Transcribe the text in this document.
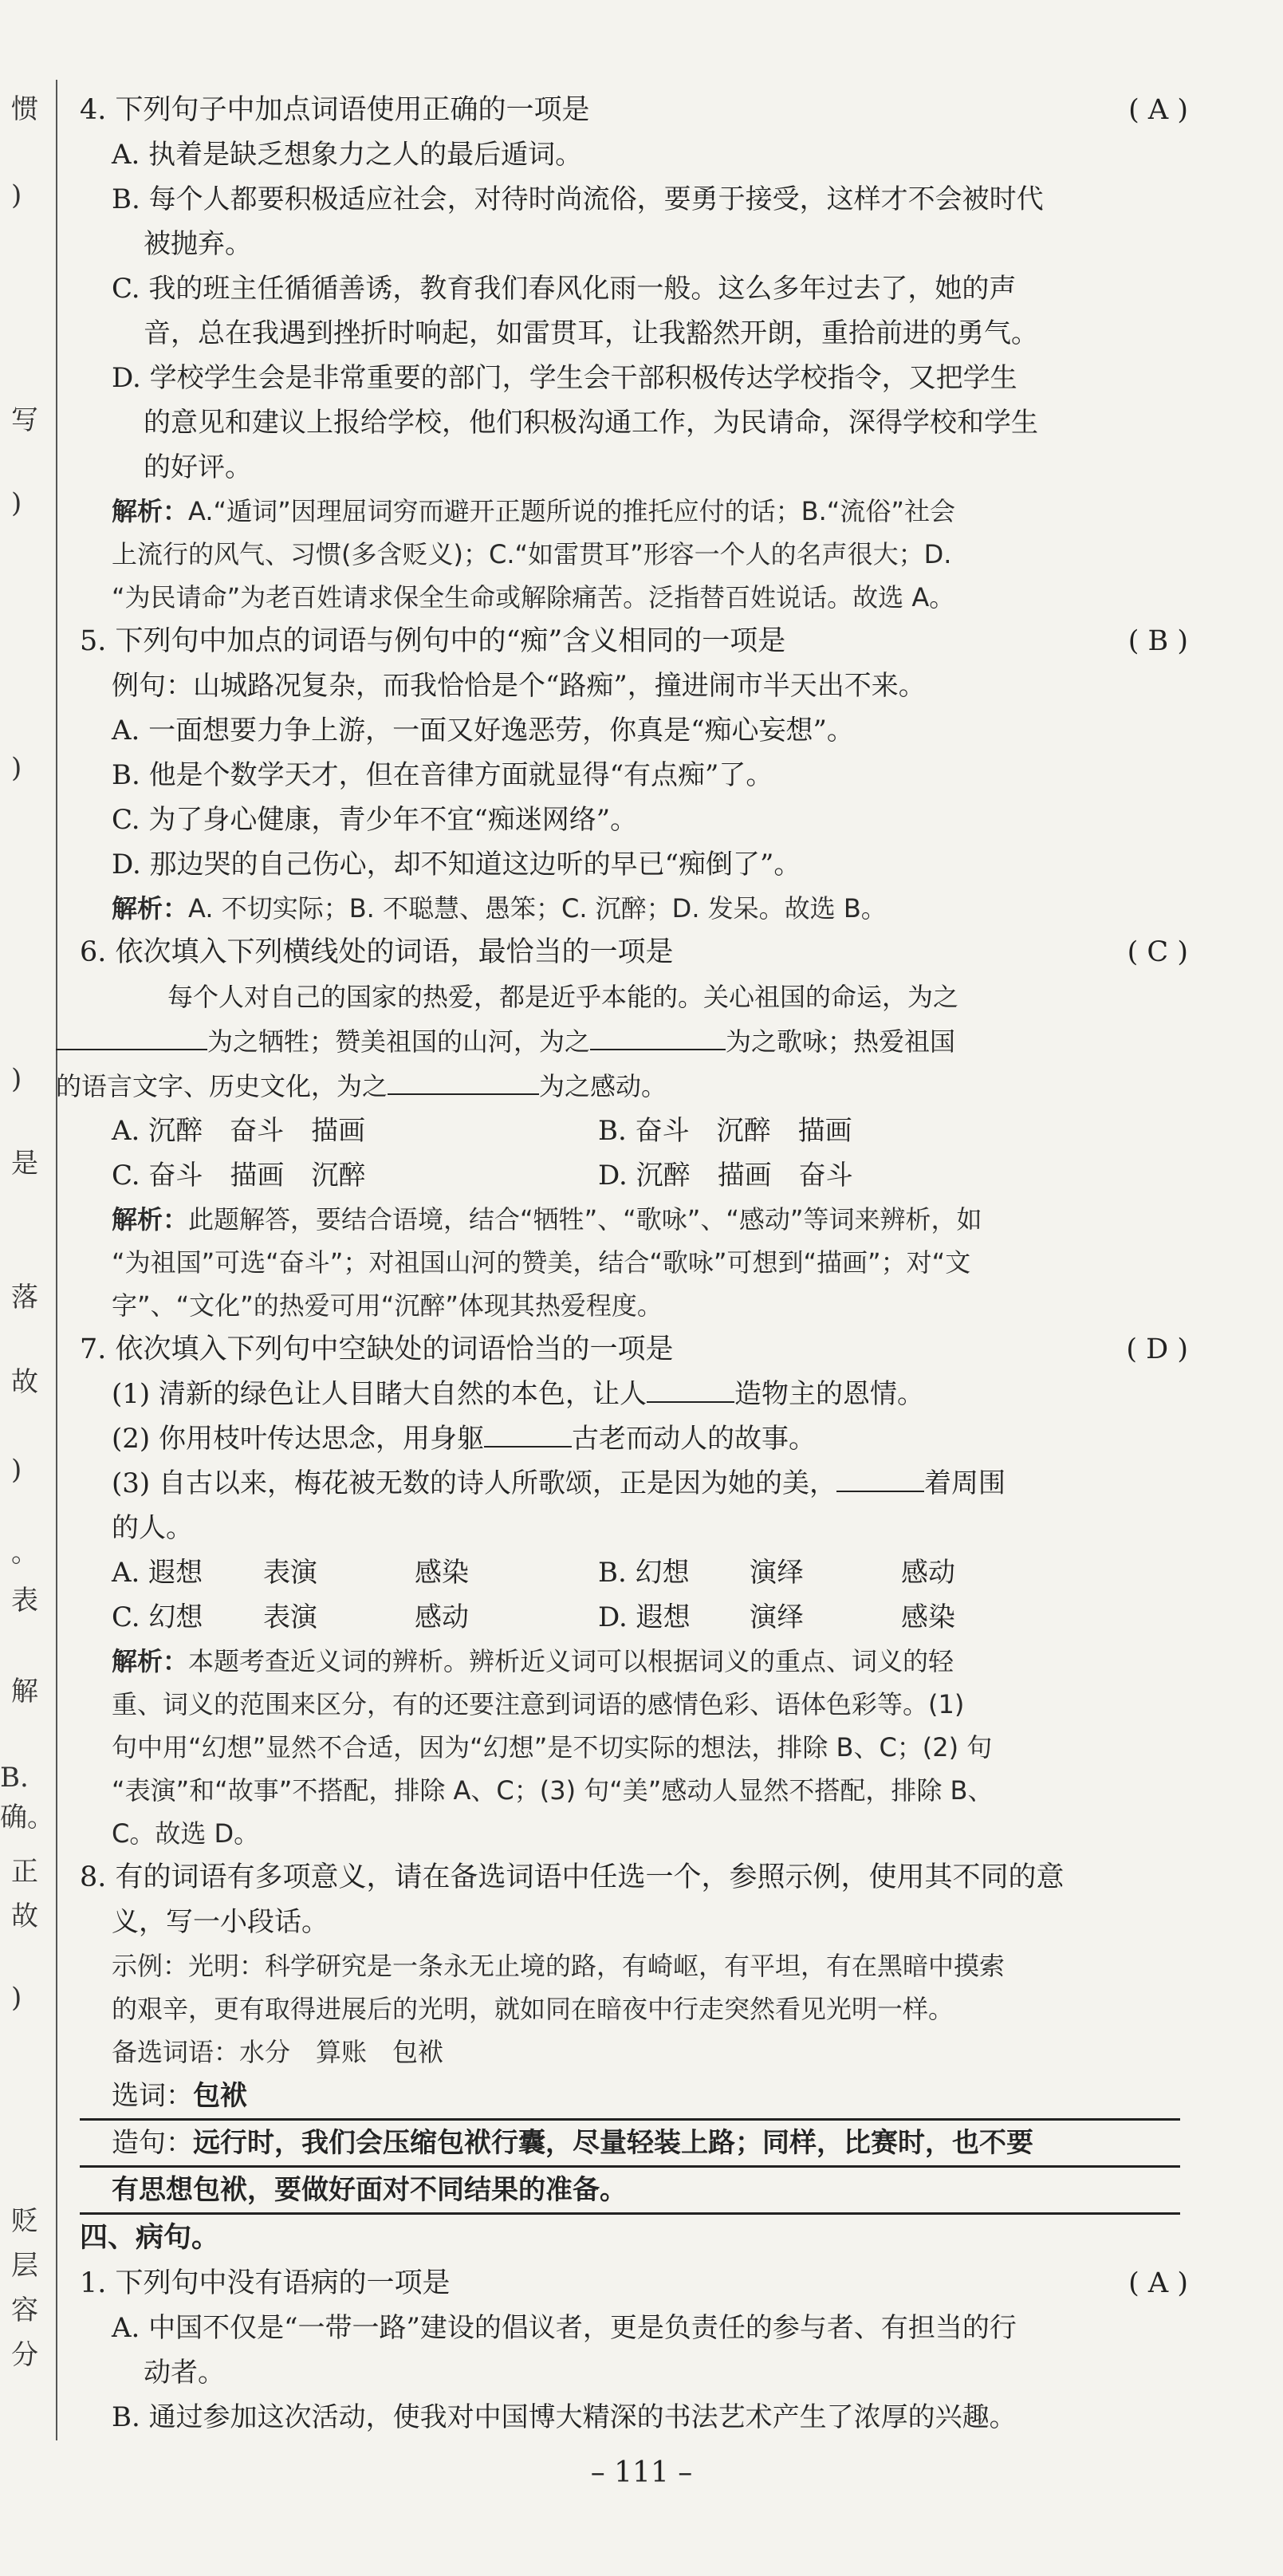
惯
)
写
)
)
)
是
落
故
)
。
表
解
B.
确。
正
故
)
贬
层
容
分
4. 下列句子中加点词语使用正确的一项是	( A )
A. 执着是缺乏想象力之人的最后遁词。
B. 每个人都要积极适应社会，对待时尚流俗，要勇于接受，这样才不会被时代
被抛弃。
C. 我的班主任循循善诱，教育我们春风化雨一般。这么多年过去了，她的声
音，总在我遇到挫折时响起，如雷贯耳，让我豁然开朗，重拾前进的勇气。
D. 学校学生会是非常重要的部门，学生会干部积极传达学校指令，又把学生
的意见和建议上报给学校，他们积极沟通工作，为民请命，深得学校和学生
的好评。
解析：A.“遁词”因理屈词穷而避开正题所说的推托应付的话；B.“流俗”社会
上流行的风气、习惯(多含贬义)；C.“如雷贯耳”形容一个人的名声很大；D.
“为民请命”为老百姓请求保全生命或解除痛苦。泛指替百姓说话。故选 A。
5. 下列句中加点的词语与例句中的“痴”含义相同的一项是	( B )
例句：山城路况复杂，而我恰恰是个“路痴”，撞进闹市半天出不来。
A. 一面想要力争上游，一面又好逸恶劳，你真是“痴心妄想”。
B. 他是个数学天才，但在音律方面就显得“有点痴”了。
C. 为了身心健康，青少年不宜“痴迷网络”。
D. 那边哭的自己伤心，却不知道这边听的早已“痴倒了”。
解析：A. 不切实际；B. 不聪慧、愚笨；C. 沉醉；D. 发呆。故选 B。
6. 依次填入下列横线处的词语，最恰当的一项是	( C )
每个人对自己的国家的热爱，都是近乎本能的。关心祖国的命运，为之
为之牺牲；赞美祖国的山河，为之	为之歌咏；热爱祖国
的语言文字、历史文化，为之	为之感动。
A. 沉醉　奋斗　描画	B. 奋斗　沉醉　描画
C. 奋斗　描画　沉醉	D. 沉醉　描画　奋斗
解析：此题解答，要结合语境，结合“牺牲”、“歌咏”、“感动”等词来辨析，如
“为祖国”可选“奋斗”；对祖国山河的赞美，结合“歌咏”可想到“描画”；对“文
字”、“文化”的热爱可用“沉醉”体现其热爱程度。
7. 依次填入下列句中空缺处的词语恰当的一项是	( D )
(1) 清新的绿色让人目睹大自然的本色，让人	造物主的恩情。
(2) 你用枝叶传达思念，用身躯	古老而动人的故事。
(3) 自古以来，梅花被无数的诗人所歌颂，正是因为她的美，	着周围
的人。
A. 遐想	表演	感染	B. 幻想	演绎	感动
C. 幻想	表演	感动	D. 遐想	演绎	感染
解析：本题考查近义词的辨析。辨析近义词可以根据词义的重点、词义的轻
重、词义的范围来区分，有的还要注意到词语的感情色彩、语体色彩等。(1)
句中用“幻想”显然不合适，因为“幻想”是不切实际的想法，排除 B、C；(2) 句
“表演”和“故事”不搭配，排除 A、C；(3) 句“美”感动人显然不搭配，排除 B、
C。故选 D。
8. 有的词语有多项意义，请在备选词语中任选一个，参照示例，使用其不同的意
义，写一小段话。
示例：光明：科学研究是一条永无止境的路，有崎岖，有平坦，有在黑暗中摸索
的艰辛，更有取得进展后的光明，就如同在暗夜中行走突然看见光明一样。
备选词语：水分　算账　包袱
选词：包袱
造句：远行时，我们会压缩包袱行囊，尽量轻装上路；同样，比赛时，也不要
有思想包袱，要做好面对不同结果的准备。
四、病句。
1. 下列句中没有语病的一项是	( A )
A. 中国不仅是“一带一路”建设的倡议者，更是负责任的参与者、有担当的行
动者。
B. 通过参加这次活动，使我对中国博大精深的书法艺术产生了浓厚的兴趣。
– 111 –
